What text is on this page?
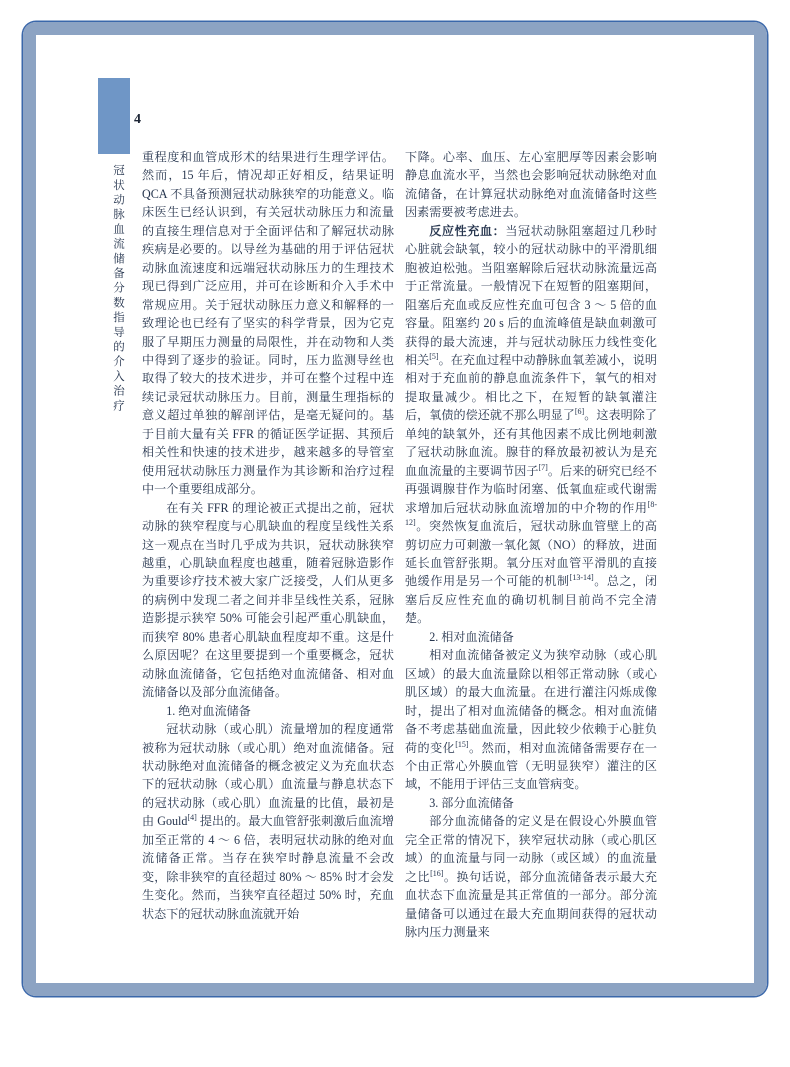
4
冠状动脉血流储备分数指导的介入治疗

重程度和血管成形术的结果进行生理学评估。然而，15 年后，情况却正好相反，结果证明 QCA 不具备预测冠状动脉狭窄的功能意义。临床医生已经认识到，有关冠状动脉压力和流量的直接生理信息对于全面评估和了解冠状动脉疾病是必要的。以导丝为基础的用于评估冠状动脉血流速度和远端冠状动脉压力的生理技术现已得到广泛应用，并可在诊断和介入手术中常规应用。关于冠状动脉压力意义和解释的一致理论也已经有了坚实的科学背景，因为它克服了早期压力测量的局限性，并在动物和人类中得到了逐步的验证。同时，压力监测导丝也取得了较大的技术进步，并可在整个过程中连续记录冠状动脉压力。目前，测量生理指标的意义超过单独的解剖评估，是毫无疑问的。基于目前大量有关 FFR 的循证医学证据、其预后相关性和快速的技术进步，越来越多的导管室使用冠状动脉压力测量作为其诊断和治疗过程中一个重要组成部分。

在有关 FFR 的理论被正式提出之前，冠状动脉的狭窄程度与心肌缺血的程度呈线性关系这一观点在当时几乎成为共识，冠状动脉狭窄越重，心肌缺血程度也越重，随着冠脉造影作为重要诊疗技术被大家广泛接受，人们从更多的病例中发现二者之间并非呈线性关系，冠脉造影提示狭窄 50% 可能会引起严重心肌缺血，而狭窄 80% 患者心肌缺血程度却不重。这是什么原因呢？在这里要提到一个重要概念，冠状动脉血流储备，它包括绝对血流储备、相对血流储备以及部分血流储备。

1. 绝对血流储备

冠状动脉（或心肌）流量增加的程度通常被称为冠状动脉（或心肌）绝对血流储备。冠状动脉绝对血流储备的概念被定义为充血状态下的冠状动脉（或心肌）血流量与静息状态下的冠状动脉（或心肌）血流量的比值，最初是由 Gould[4] 提出的。最大血管舒张刺激后血流增加至正常的 4 ～ 6 倍，表明冠状动脉的绝对血流储备正常。当存在狭窄时静息流量不会改变，除非狭窄的直径超过 80% ～ 85% 时才会发生变化。然而，当狭窄直径超过 50% 时，充血状态下的冠状动脉血流就开始

下降。心率、血压、左心室肥厚等因素会影响静息血流水平，当然也会影响冠状动脉绝对血流储备，在计算冠状动脉绝对血流储备时这些因素需要被考虑进去。

反应性充血：当冠状动脉阻塞超过几秒时心脏就会缺氧，较小的冠状动脉中的平滑肌细胞被迫松弛。当阻塞解除后冠状动脉流量远高于正常流量。一般情况下在短暂的阻塞期间，阻塞后充血或反应性充血可包含 3 ～ 5 倍的血容量。阻塞约 20 s 后的血流峰值是缺血刺激可获得的最大流速，并与冠状动脉压力线性变化相关[5]。在充血过程中动静脉血氧差减小，说明相对于充血前的静息血流条件下，氧气的相对提取量减少。相比之下，在短暂的缺氧灌注后，氧债的偿还就不那么明显了[6]。这表明除了单纯的缺氧外，还有其他因素不成比例地刺激了冠状动脉血流。腺苷的释放最初被认为是充血血流量的主要调节因子[7]。后来的研究已经不再强调腺苷作为临时闭塞、低氧血症或代谢需求增加后冠状动脉血流增加的中介物的作用[8-12]。突然恢复血流后，冠状动脉血管壁上的高剪切应力可刺激一氧化氮（NO）的释放，进面延长血管舒张期。氧分压对血管平滑肌的直接弛缓作用是另一个可能的机制[13-14]。总之，闭塞后反应性充血的确切机制目前尚不完全清楚。

2. 相对血流储备

相对血流储备被定义为狭窄动脉（或心肌区域）的最大血流量除以相邻正常动脉（或心肌区域）的最大血流量。在进行灌注闪烁成像时，提出了相对血流储备的概念。相对血流储备不考虑基础血流量，因此较少依赖于心脏负荷的变化[15]。然而，相对血流储备需要存在一个由正常心外膜血管（无明显狭窄）灌注的区域，不能用于评估三支血管病变。

3. 部分血流储备

部分血流储备的定义是在假设心外膜血管完全正常的情况下，狭窄冠状动脉（或心肌区域）的血流量与同一动脉（或区域）的血流量之比[16]。换句话说，部分血流储备表示最大充血状态下血流量是其正常值的一部分。部分流量储备可以通过在最大充血期间获得的冠状动脉内压力测量来
